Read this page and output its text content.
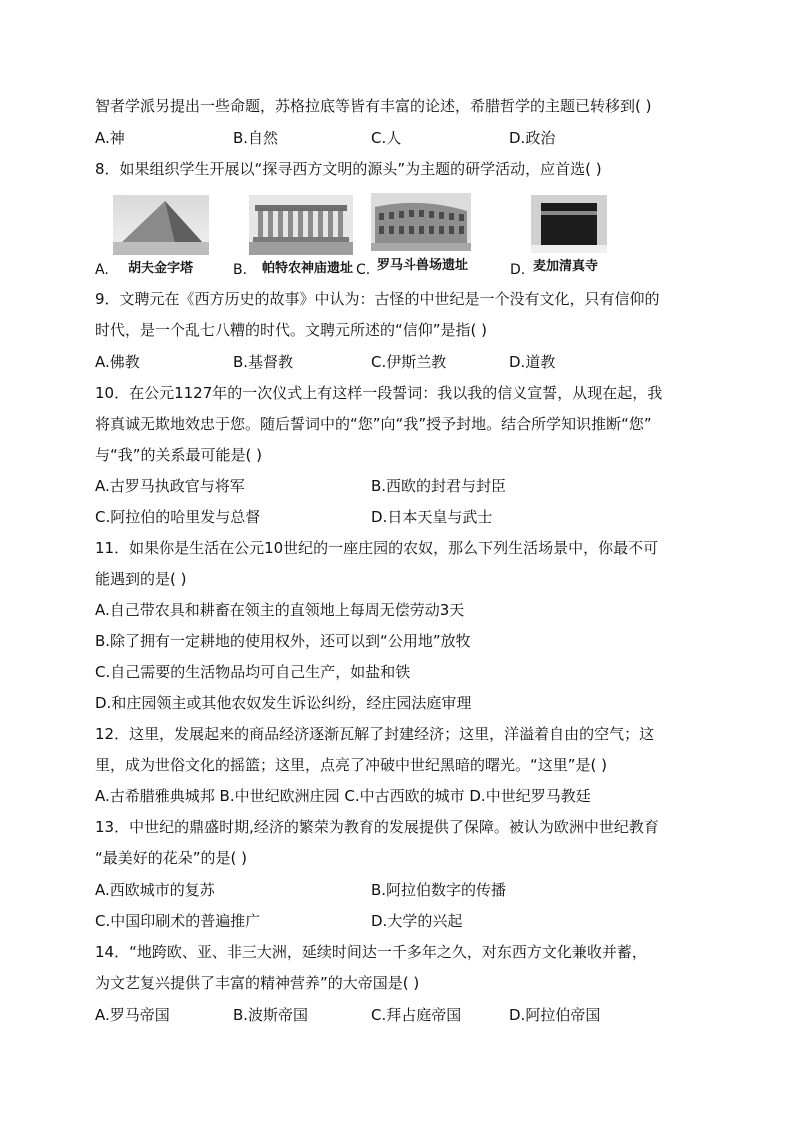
智者学派另提出一些命题，苏格拉底等皆有丰富的论述，希腊哲学的主题已转移到( )
A.神	B.自然	C.人	D.政治
8．如果组织学生开展以“探寻西方文明的源头”为主题的研学活动，应首选( )
A. 胡夫金字塔	B. 帕特农神庙遗址 C. 罗马斗兽场遗址	D. 麦加清真寺
9．文聘元在《西方历史的故事》中认为：古怪的中世纪是一个没有文化，只有信仰的
时代，是一个乱七八糟的时代。文聘元所述的“信仰”是指( )
A.佛教	B.基督教	C.伊斯兰教	D.道教
10．在公元1127年的一次仪式上有这样一段誓词：我以我的信义宣誓，从现在起，我
将真诚无欺地效忠于您。随后誓词中的“您”向“我”授予封地。结合所学知识推断“您”
与“我”的关系最可能是( )
A.古罗马执政官与将军	B.西欧的封君与封臣
C.阿拉伯的哈里发与总督	D.日本天皇与武士
11．如果你是生活在公元10世纪的一座庄园的农奴，那么下列生活场景中，你最不可
能遇到的是( )
A.自己带农具和耕畜在领主的直领地上每周无偿劳动3天
B.除了拥有一定耕地的使用权外，还可以到“公用地”放牧
C.自己需要的生活物品均可自己生产，如盐和铁
D.和庄园领主或其他农奴发生诉讼纠纷，经庄园法庭审理
12．这里，发展起来的商品经济逐渐瓦解了封建经济；这里，洋溢着自由的空气；这
里，成为世俗文化的摇篮；这里，点亮了冲破中世纪黑暗的曙光。“这里”是( )
A.古希腊雅典城邦 B.中世纪欧洲庄园 C.中古西欧的城市 D.中世纪罗马教廷
13．中世纪的鼎盛时期,经济的繁荣为教育的发展提供了保障。被认为欧洲中世纪教育
“最美好的花朵”的是( )
A.西欧城市的复苏	B.阿拉伯数字的传播
C.中国印刷术的普遍推广	D.大学的兴起
14．“地跨欧、亚、非三大洲，延续时间达一千多年之久，对东西方文化兼收并蓄，
为文艺复兴提供了丰富的精神营养”的大帝国是( )
A.罗马帝国	B.波斯帝国	C.拜占庭帝国	D.阿拉伯帝国
